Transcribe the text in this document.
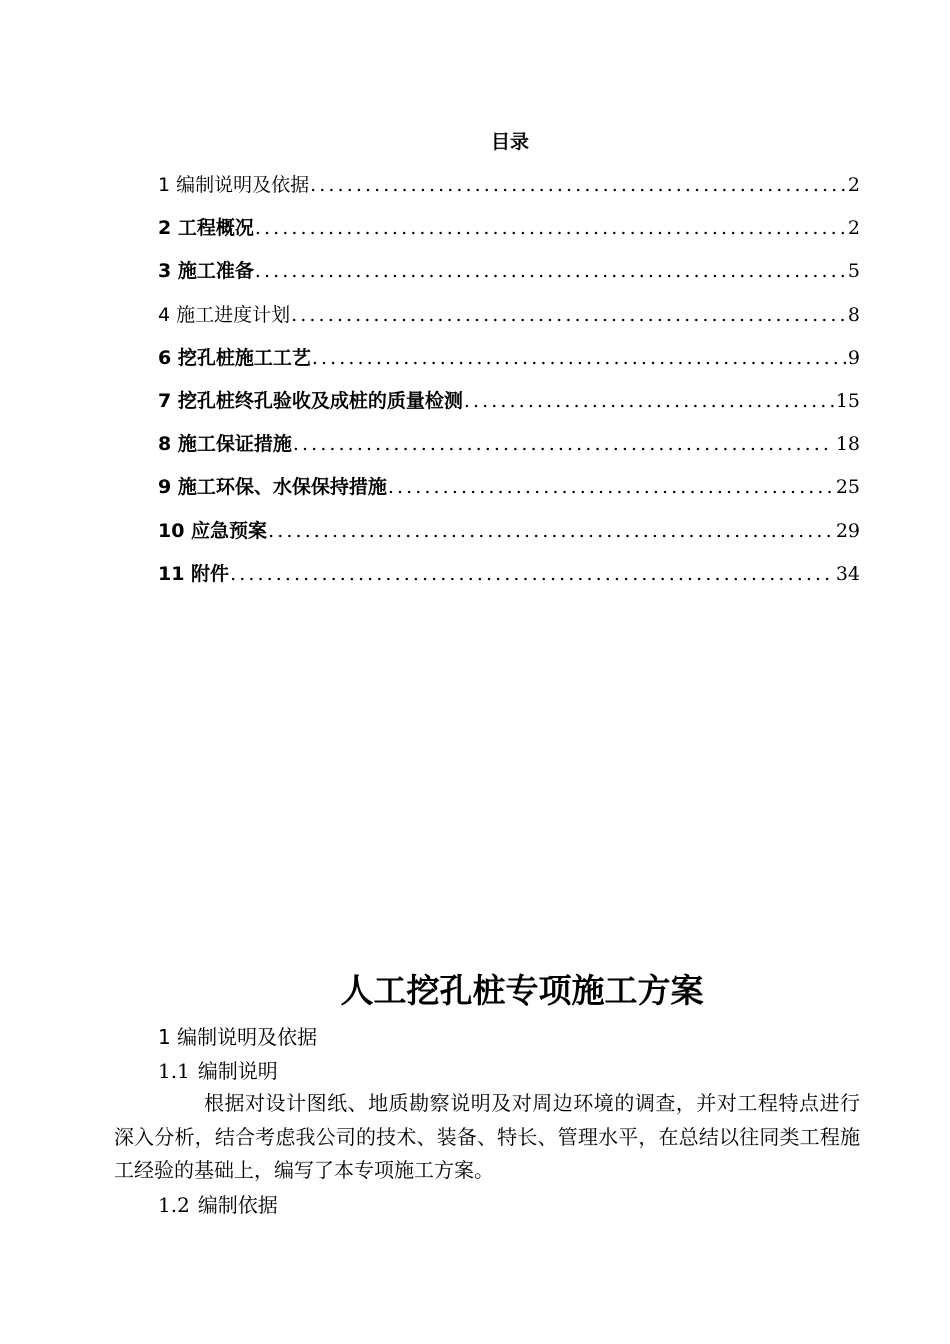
目录
1 编制说明及依据 .....	2
2 工程概况 .....	2
3 施工准备 .....	5
4 施工进度计划 .....	8
6 挖孔桩施工工艺 .....	9
7 挖孔桩终孔验收及成桩的质量检测 .....	15
8 施工保证措施 .....	18
9 施工环保、水保保持措施 .....	25
10 应急预案 .....	29
11 附件 .....	34
人工挖孔桩专项施工方案
1 编制说明及依据
1.1 编制说明

根据对设计图纸、地质勘察说明及对周边环境的调查，并对工程特点进行深入分析，结合考虑我公司的技术、装备、特长、管理水平，在总结以往同类工程施工经验的基础上，编写了本专项施工方案。

1.2 编制依据
